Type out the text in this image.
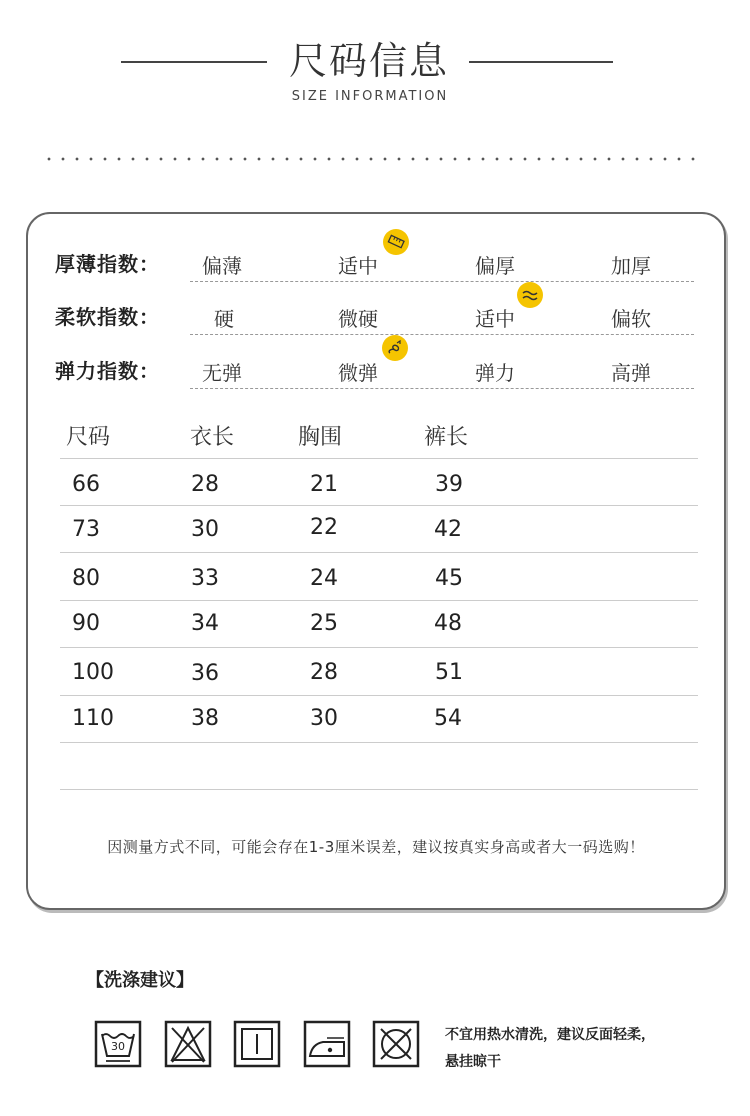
尺码信息
SIZE INFORMATION
厚薄指数： 偏薄	适中	偏厚	加厚
柔软指数：	硬	微硬	适中	偏软
弹力指数： 无弹	微弹	弹力	高弹
尺码	衣长	胸围	裤长
66	28	21	39
73	30	22	42
80	33	24	45
90	34	25	48
100	36	28	51
110	38	30	54
因测量方式不同，可能会存在1-3厘米误差，建议按真实身高或者大一码选购！
【洗涤建议】
30
不宜用热水清洗，建议反面轻柔，
悬挂晾干
